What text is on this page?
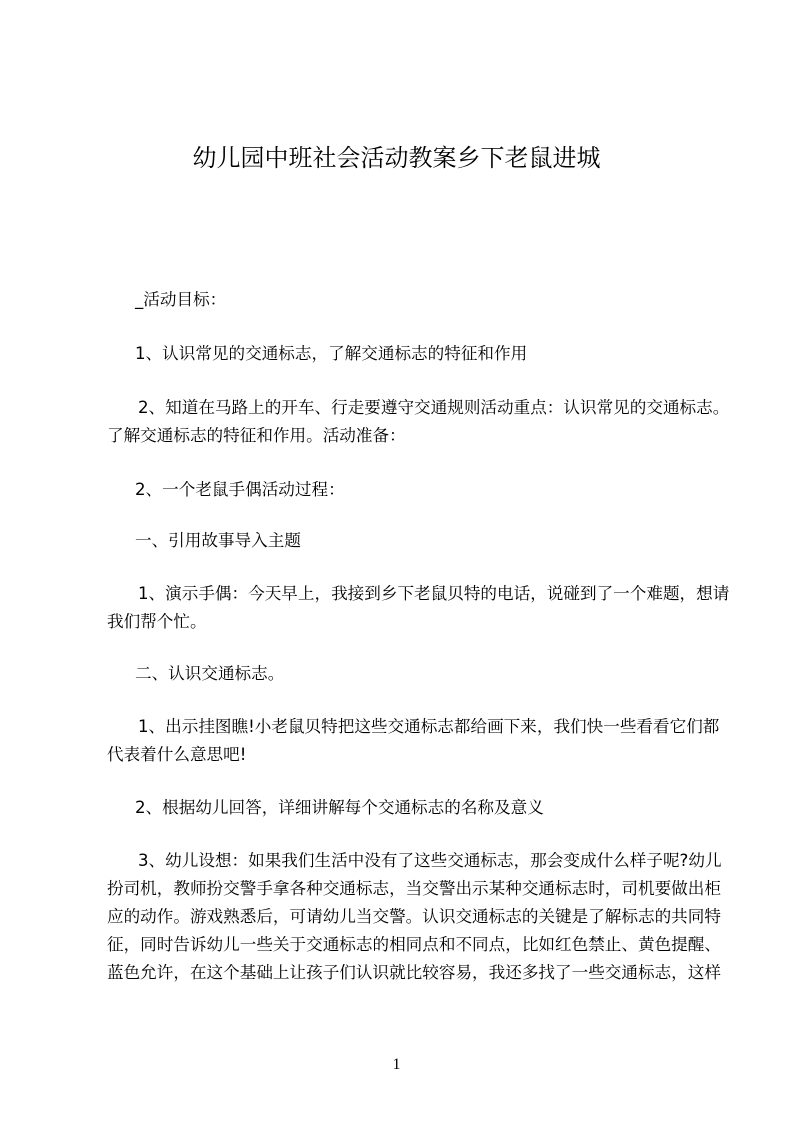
幼儿园中班社会活动教案乡下老鼠进城
_活动目标：
1、认识常见的交通标志，了解交通标志的特征和作用
2、知道在马路上的开车、行走要遵守交通规则活动重点：认识常见的交通标志。
了解交通标志的特征和作用。活动准备：
2、一个老鼠手偶活动过程：
一、引用故事导入主题
1、演示手偶：今天早上，我接到乡下老鼠贝特的电话，说碰到了一个难题，想请
我们帮个忙。
二、认识交通标志。
1、出示挂图瞧!小老鼠贝特把这些交通标志都给画下来，我们快一些看看它们都
代表着什么意思吧!
2、根据幼儿回答，详细讲解每个交通标志的名称及意义
3、幼儿设想：如果我们生活中没有了这些交通标志，那会变成什么样子呢?幼儿
扮司机，教师扮交警手拿各种交通标志，当交警出示某种交通标志时，司机要做出柜
应的动作。游戏熟悉后，可请幼儿当交警。认识交通标志的关键是了解标志的共同特
征，同时告诉幼儿一些关于交通标志的相同点和不同点，比如红色禁止、黄色提醒、
蓝色允许，在这个基础上让孩子们认识就比较容易，我还多找了一些交通标志，这样
1
